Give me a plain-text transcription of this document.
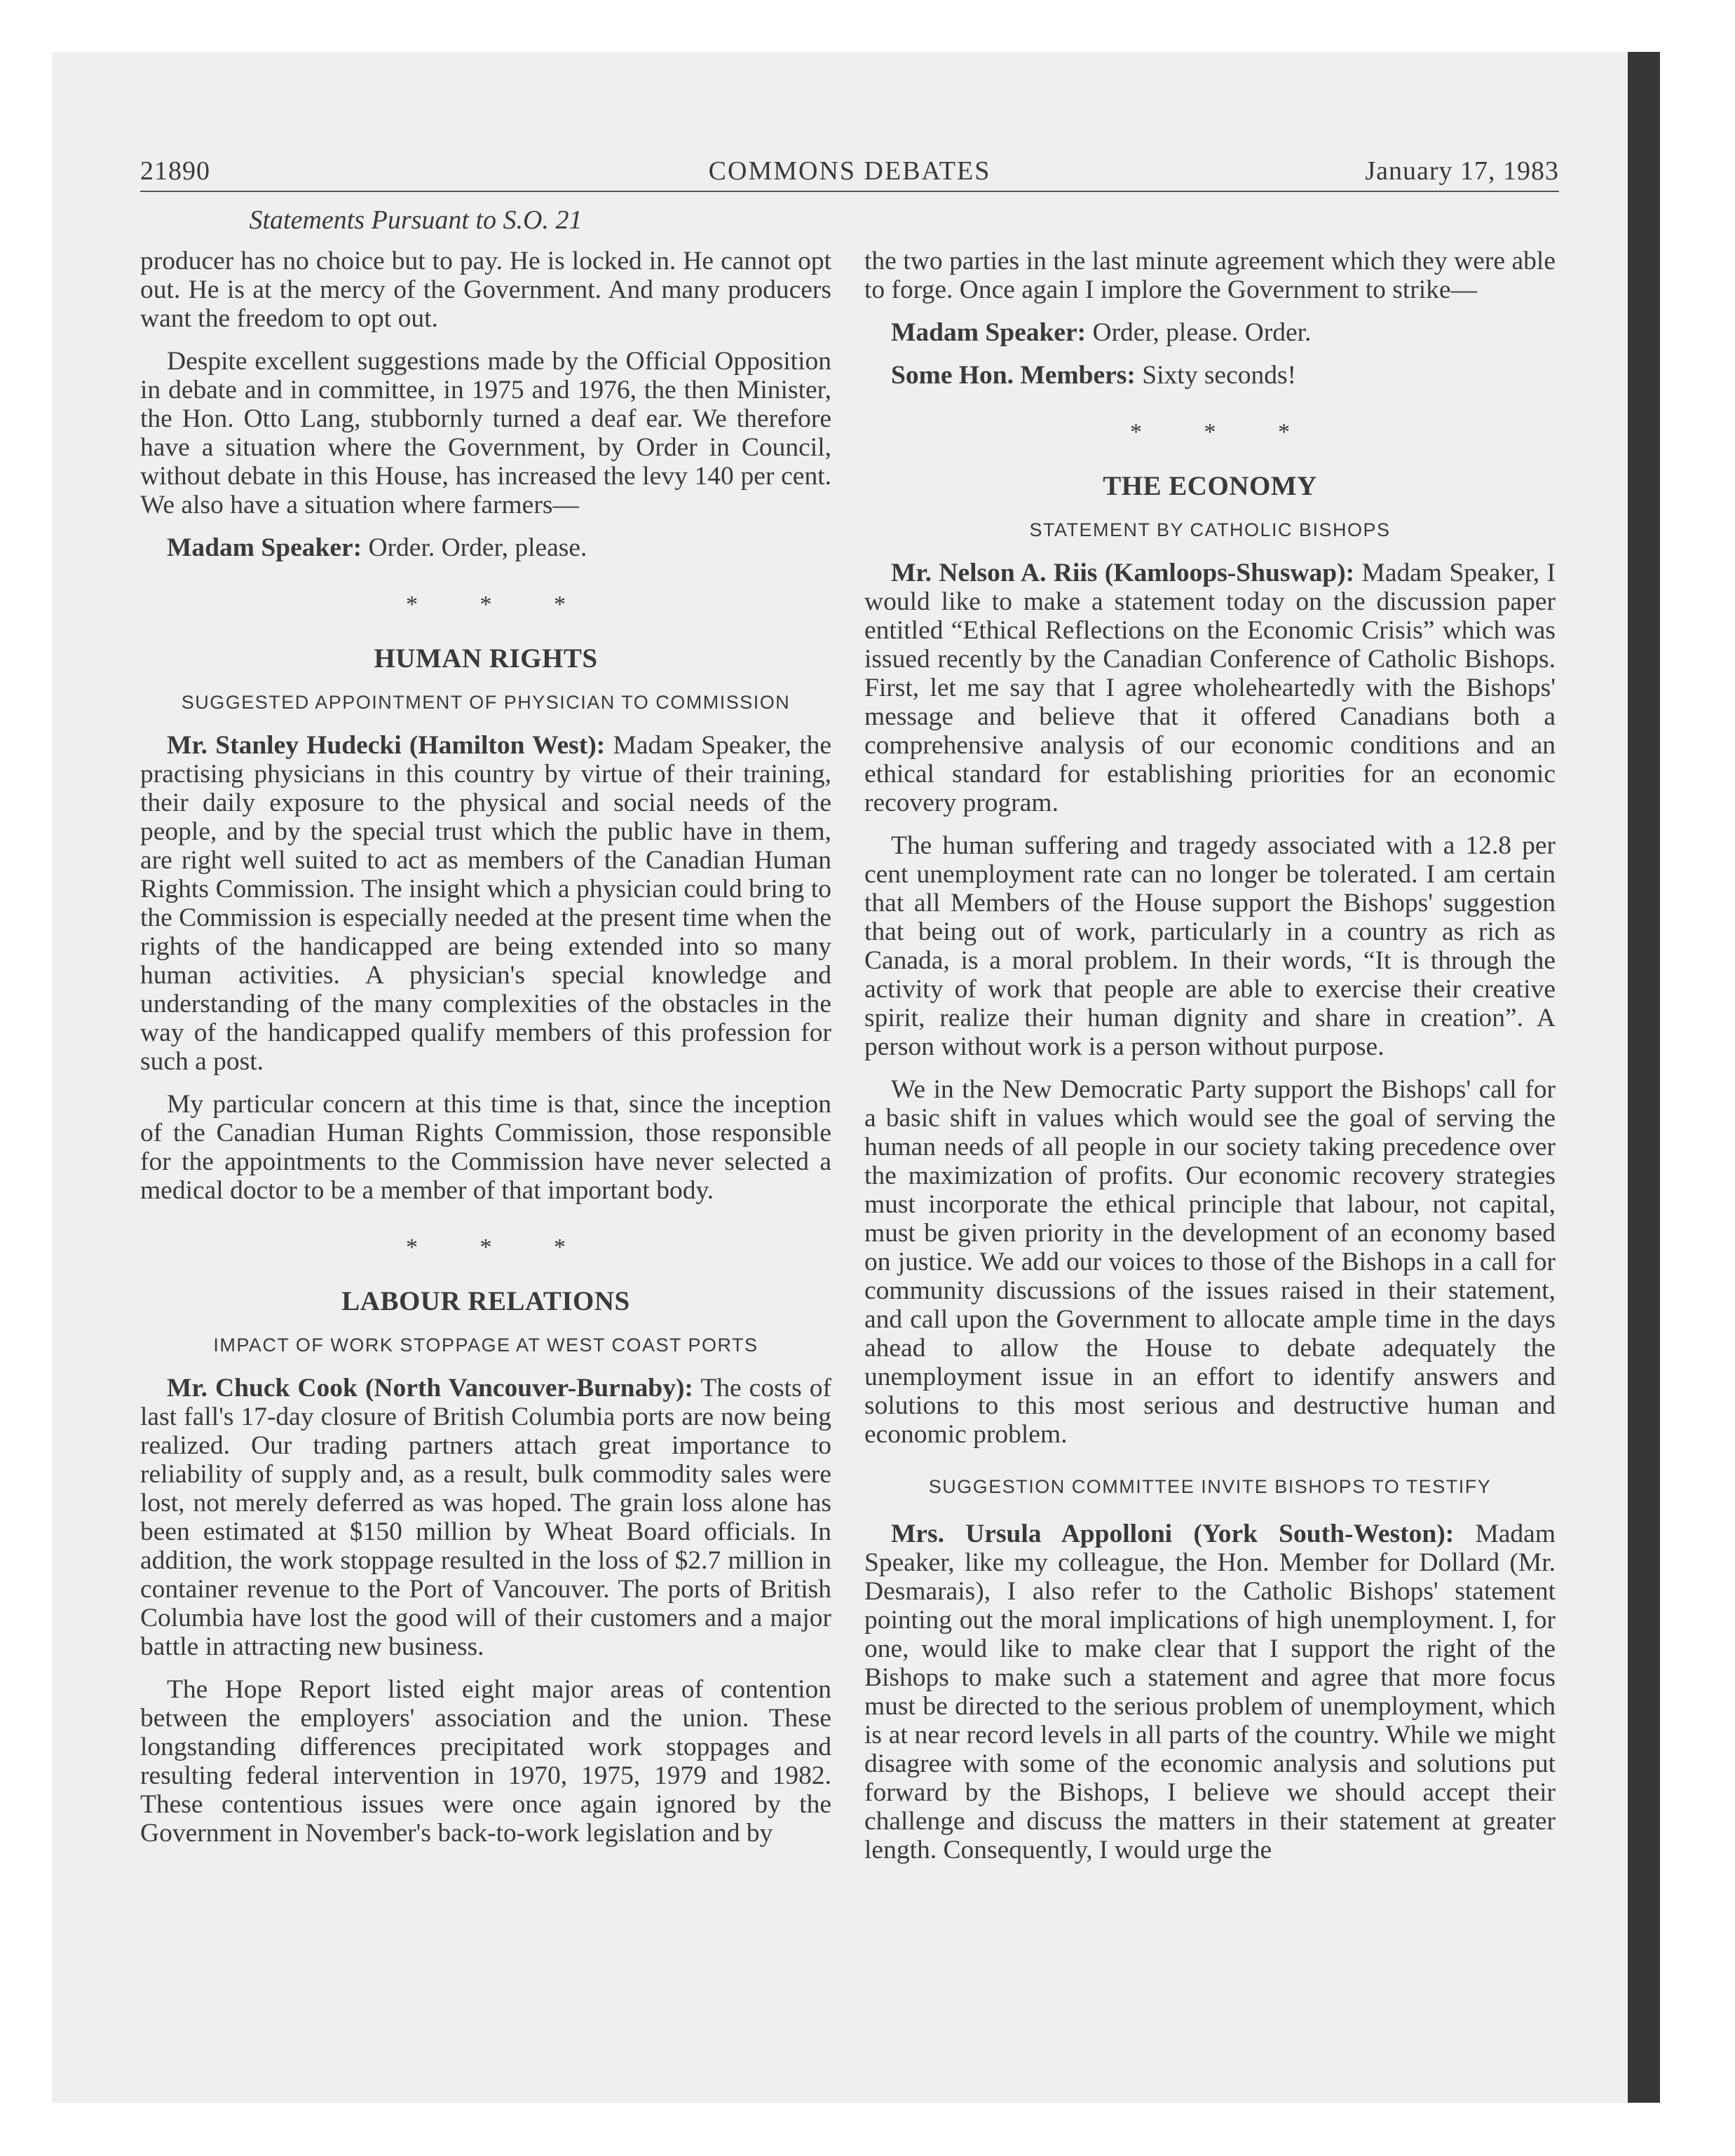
21890	COMMONS DEBATES	January 17, 1983
Statements Pursuant to S.O. 21

producer has no choice but to pay. He is locked in. He cannot opt out. He is at the mercy of the Government. And many producers want the freedom to opt out.

Despite excellent suggestions made by the Official Opposition in debate and in committee, in 1975 and 1976, the then Minister, the Hon. Otto Lang, stubbornly turned a deaf ear. We therefore have a situation where the Government, by Order in Council, without debate in this House, has increased the levy 140 per cent. We also have a situation where farmers—

Madam Speaker: Order. Order, please.

* * *
HUMAN RIGHTS
SUGGESTED APPOINTMENT OF PHYSICIAN TO COMMISSION

Mr. Stanley Hudecki (Hamilton West): Madam Speaker, the practising physicians in this country by virtue of their training, their daily exposure to the physical and social needs of the people, and by the special trust which the public have in them, are right well suited to act as members of the Canadian Human Rights Commission. The insight which a physician could bring to the Commission is especially needed at the present time when the rights of the handicapped are being extended into so many human activities. A physician's special knowledge and understanding of the many complexities of the obstacles in the way of the handicapped qualify members of this profession for such a post.

My particular concern at this time is that, since the inception of the Canadian Human Rights Commission, those responsible for the appointments to the Commission have never selected a medical doctor to be a member of that important body.

* * *
LABOUR RELATIONS
IMPACT OF WORK STOPPAGE AT WEST COAST PORTS

Mr. Chuck Cook (North Vancouver-Burnaby): The costs of last fall's 17-day closure of British Columbia ports are now being realized. Our trading partners attach great importance to reliability of supply and, as a result, bulk commodity sales were lost, not merely deferred as was hoped. The grain loss alone has been estimated at $150 million by Wheat Board officials. In addition, the work stoppage resulted in the loss of $2.7 million in container revenue to the Port of Vancouver. The ports of British Columbia have lost the good will of their customers and a major battle in attracting new business.

The Hope Report listed eight major areas of contention between the employers' association and the union. These longstanding differences precipitated work stoppages and resulting federal intervention in 1970, 1975, 1979 and 1982. These contentious issues were once again ignored by the Government in November's back-to-work legislation and by

the two parties in the last minute agreement which they were able to forge. Once again I implore the Government to strike—

Madam Speaker: Order, please. Order.

Some Hon. Members: Sixty seconds!

* * *
THE ECONOMY
STATEMENT BY CATHOLIC BISHOPS

Mr. Nelson A. Riis (Kamloops-Shuswap): Madam Speaker, I would like to make a statement today on the discussion paper entitled “Ethical Reflections on the Economic Crisis” which was issued recently by the Canadian Conference of Catholic Bishops. First, let me say that I agree wholeheartedly with the Bishops' message and believe that it offered Canadians both a comprehensive analysis of our economic conditions and an ethical standard for establishing priorities for an economic recovery program.

The human suffering and tragedy associated with a 12.8 per cent unemployment rate can no longer be tolerated. I am certain that all Members of the House support the Bishops' suggestion that being out of work, particularly in a country as rich as Canada, is a moral problem. In their words, “It is through the activity of work that people are able to exercise their creative spirit, realize their human dignity and share in creation”. A person without work is a person without purpose.

We in the New Democratic Party support the Bishops' call for a basic shift in values which would see the goal of serving the human needs of all people in our society taking precedence over the maximization of profits. Our economic recovery strategies must incorporate the ethical principle that labour, not capital, must be given priority in the development of an economy based on justice. We add our voices to those of the Bishops in a call for community discussions of the issues raised in their statement, and call upon the Government to allocate ample time in the days ahead to allow the House to debate adequately the unemployment issue in an effort to identify answers and solutions to this most serious and destructive human and economic problem.

SUGGESTION COMMITTEE INVITE BISHOPS TO TESTIFY

Mrs. Ursula Appolloni (York South-Weston): Madam Speaker, like my colleague, the Hon. Member for Dollard (Mr. Desmarais), I also refer to the Catholic Bishops' statement pointing out the moral implications of high unemployment. I, for one, would like to make clear that I support the right of the Bishops to make such a statement and agree that more focus must be directed to the serious problem of unemployment, which is at near record levels in all parts of the country. While we might disagree with some of the economic analysis and solutions put forward by the Bishops, I believe we should accept their challenge and discuss the matters in their statement at greater length. Consequently, I would urge the
